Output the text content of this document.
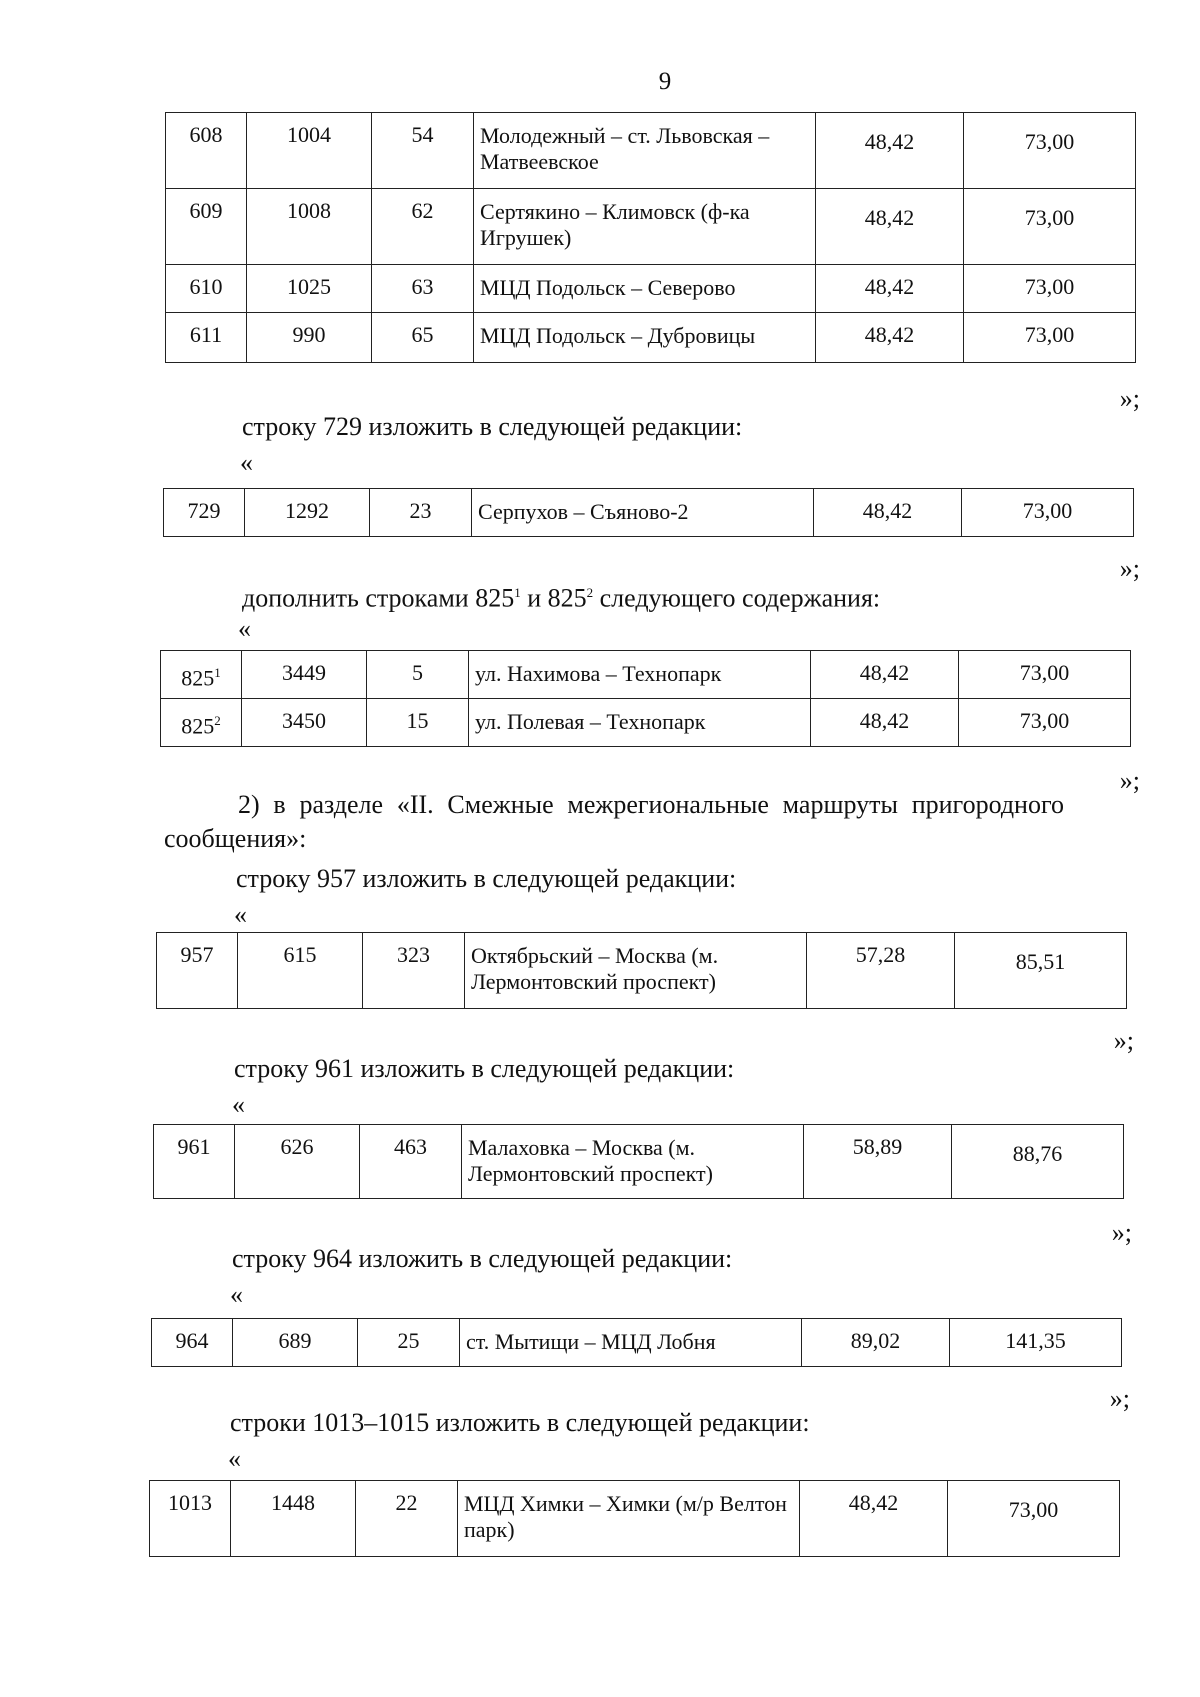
9
608	1004	54	Молодежный – ст. Львовская – Матвеевское	48,42	73,00
609	1008	62	Сертякино – Климовск (ф-ка Игрушек)	48,42	73,00
610	1025	63	МЦД Подольск – Северово	48,42	73,00
611	990	65	МЦД Подольск – Дубровицы	48,42	73,00
»;
строку 729 изложить в следующей редакции:
«
729	1292	23	Серпухов – Съяново-2	48,42	73,00
»;
дополнить строками $825^1$ и $825^2$ следующего содержания:
«
$825^1$	3449	5	ул. Нахимова – Технопарк	48,42	73,00
$825^2$	3450	15	ул. Полевая – Технопарк	48,42	73,00
»;
2) в разделе «II. Смежные межрегиональные маршруты пригородного сообщения»:
строку 957 изложить в следующей редакции:
«
957	615	323	Октябрьский – Москва (м. Лермонтовский проспект)	57,28	85,51
»;
строку 961 изложить в следующей редакции:
«
961	626	463	Малаховка – Москва (м. Лермонтовский проспект)	58,89	88,76
»;
строку 964 изложить в следующей редакции:
«
964	689	25	ст. Мытищи – МЦД Лобня	89,02	141,35
»;
строки 1013–1015 изложить в следующей редакции:
«
1013	1448	22	МЦД Химки – Химки (м/р Велтон парк)	48,42	73,00
